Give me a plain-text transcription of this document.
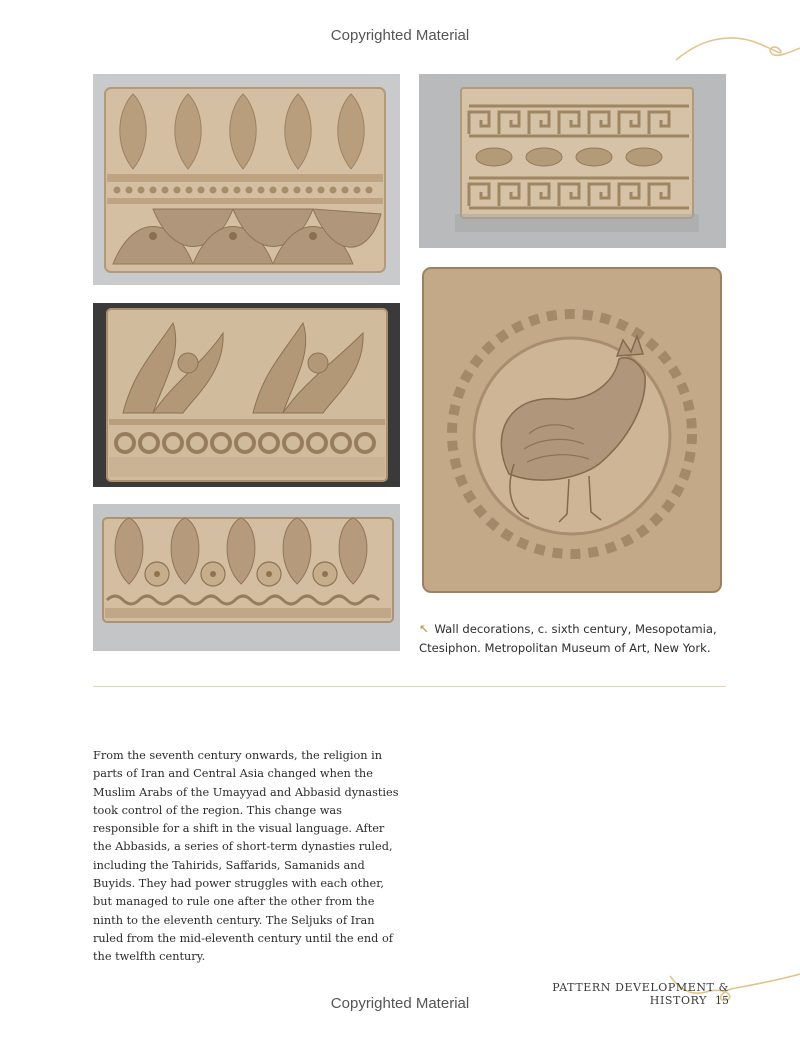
Copyrighted Material
↖ Wall decorations, c. sixth century, Mesopotamia, Ctesiphon. Metropolitan Museum of Art, New York.

From the seventh century onwards, the religion in parts of Iran and Central Asia changed when the Muslim Arabs of the Umayyad and Abbasid dynasties took control of the region. This change was responsible for a shift in the visual language. After the Abbasids, a series of short-term dynasties ruled, including the Tahirids, Saffarids, Samanids and Buyids. They had power struggles with each other, but managed to rule one after the other from the ninth to the eleventh century. The Seljuks of Iran ruled from the mid-eleventh century until the end of the twelfth century.

PATTERN DEVELOPMENT & HISTORY 15
Copyrighted Material
